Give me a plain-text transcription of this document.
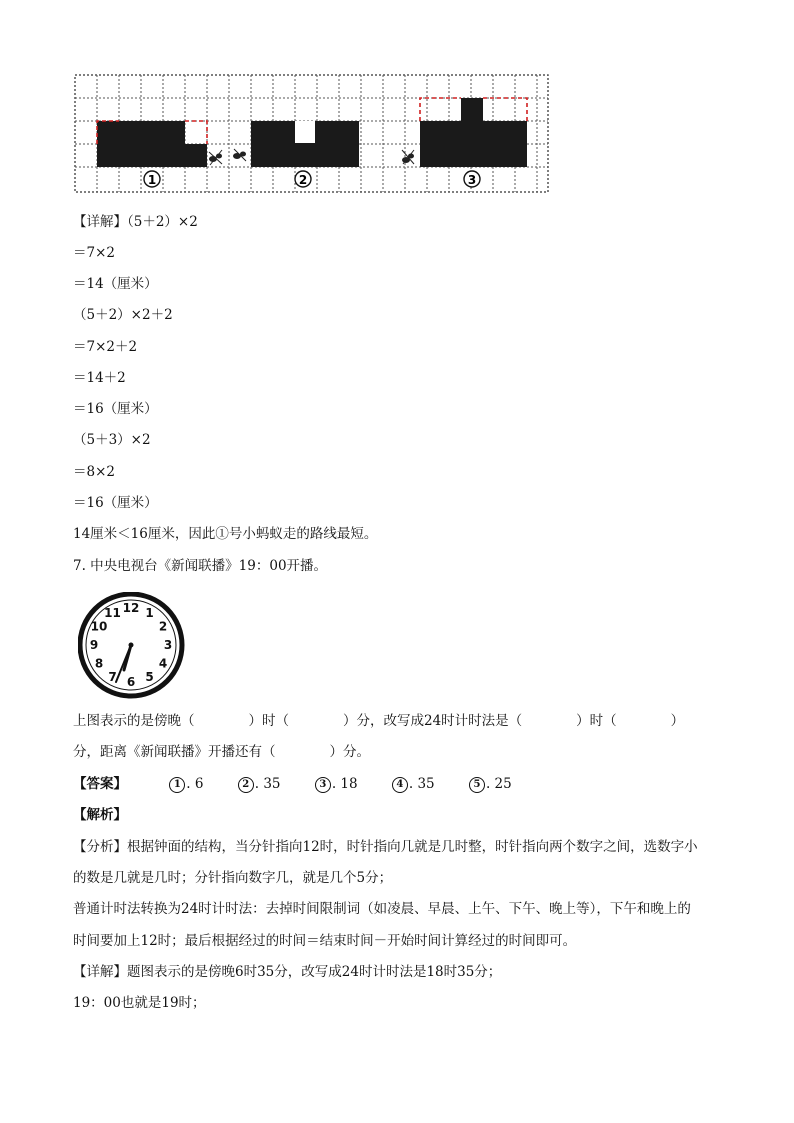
1	2	3
【详解】（5＋2）×2
＝7×2
＝14（厘米）
（5＋2）×2＋2
＝7×2＋2
＝14＋2
＝16（厘米）
（5＋3）×2
＝8×2
＝16（厘米）
14厘米＜16厘米，因此①号小蚂蚁走的路线最短。
7. 中央电视台《新闻联播》19：00开播。
12 1
2
3
4
5
6
7
8
9
10
11
上图表示的是傍晚（　　　　）时（　　　　）分，改写成24时计时法是（　　　　）时（　　　　）
分，距离《新闻联播》开播还有（　　　　）分。
【答案】	1 . 6	2 . 35	3 . 18	4 . 35	5 . 25
【解析】
【分析】根据钟面的结构，当分针指向12时，时针指向几就是几时整，时针指向两个数字之间，选数字小
的数是几就是几时；分针指向数字几，就是几个5分；
普通计时法转换为24时计时法：去掉时间限制词（如凌晨、早晨、上午、下午、晚上等），下午和晚上的
时间要加上12时；最后根据经过的时间＝结束时间－开始时间计算经过的时间即可。
【详解】题图表示的是傍晚6时35分，改写成24时计时法是18时35分；
19：00也就是19时；
